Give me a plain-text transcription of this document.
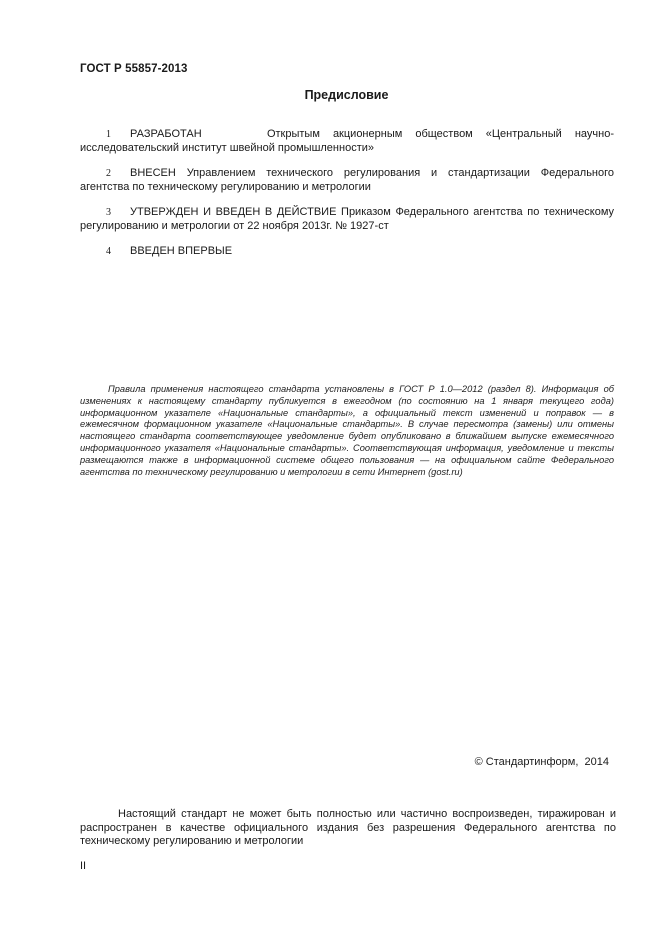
ГОСТ Р 55857-2013
Предисловие

1 РАЗРАБОТАН	Открытым акционерным обществом «Центральный научно-исследовательский институт швейной промышленности»

2 ВНЕСЕН Управлением технического регулирования и стандартизации Федерального агентства по техническому регулированию и метрологии

3 УТВЕРЖДЕН И ВВЕДЕН В ДЕЙСТВИЕ Приказом Федерального агентства по техническому регулированию и метрологии от 22 ноября 2013г. № 1927-ст

4 ВВЕДЕН ВПЕРВЫЕ

Правила применения настоящего стандарта установлены в ГОСТ Р 1.0—2012 (раздел 8). Информация об изменениях к настоящему стандарту публикуется в ежегодном (по состоянию на 1 января текущего года) информационном указателе «Национальные стандарты», а официальный текст изменений и поправок — в ежемесячном формационном указателе «Национальные стандарты». В случае пересмотра (замены) или отмены настоящего стандарта соответствующее уведомление будет опубликовано в ближайшем выпуске ежемесячного информационного указателя «Национальные стандарты». Соответствующая информация, уведомление и тексты размещаются также в информационной системе общего пользования — на официальном сайте Федерального агентства по техническому регулированию и метрологии в сети Интернет (gost.ru)
© Стандартинформ,  2014
Настоящий стандарт не может быть полностью или частично воспроизведен, тиражирован и распространен в качестве официального издания без разрешения Федерального агентства по техническому регулированию и метрологии
II
